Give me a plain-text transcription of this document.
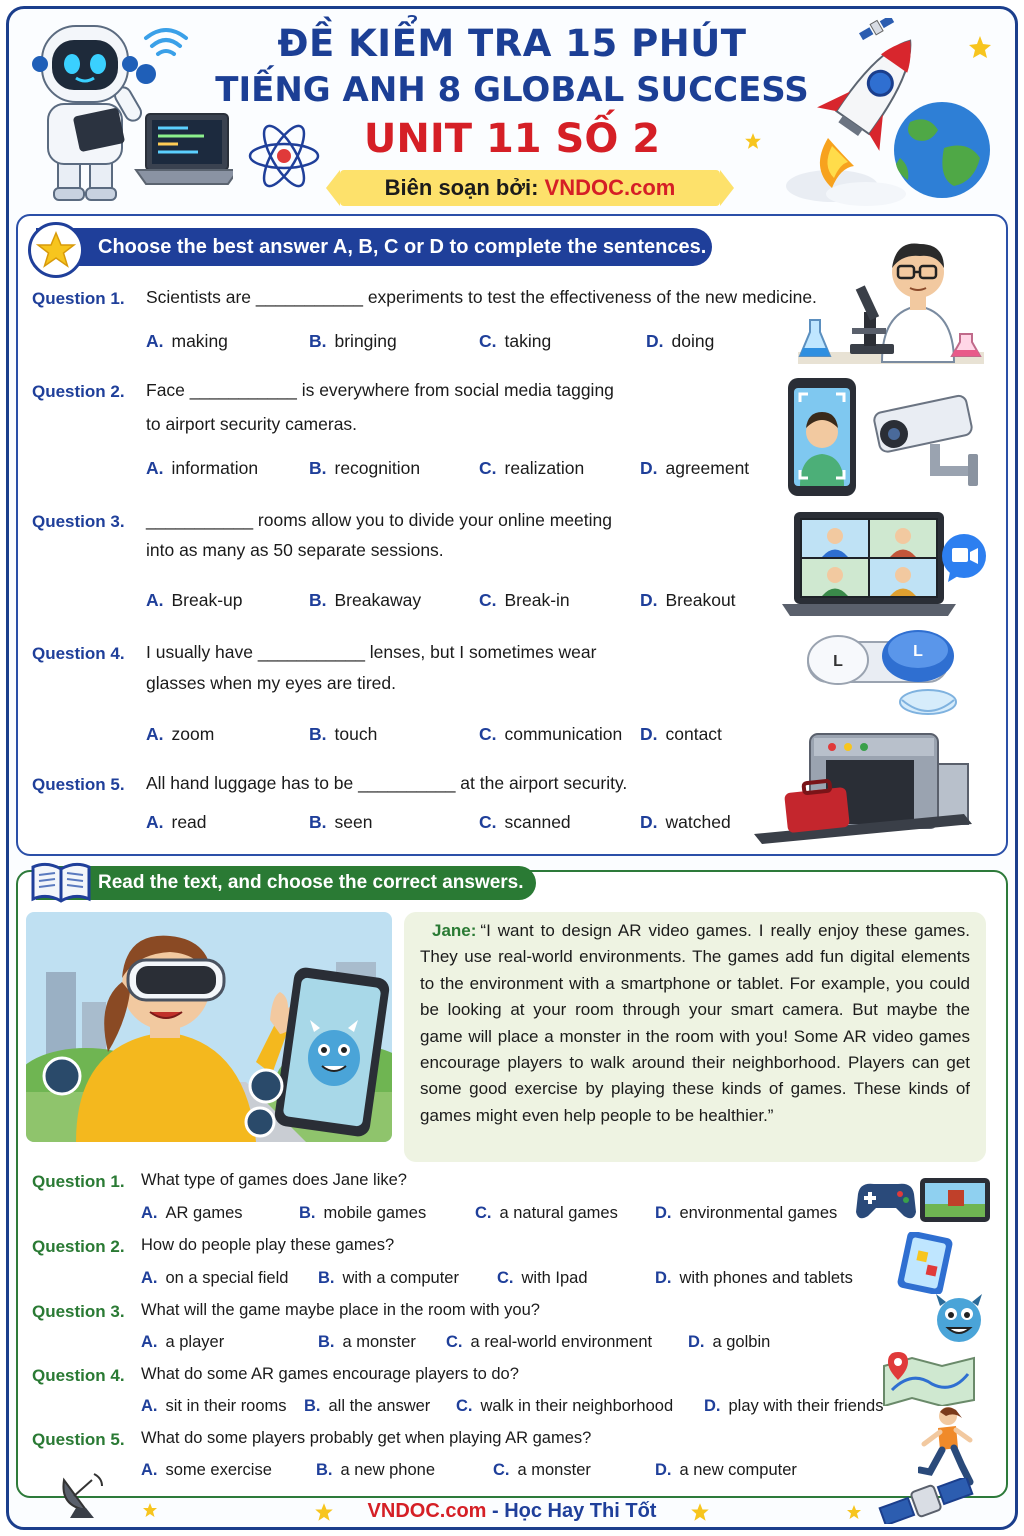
ĐỀ KIỂM TRA 15 PHÚT
TIẾNG ANH 8 GLOBAL SUCCESS
UNIT 11 SỐ 2
Biên soạn bởi: VNDOC.com
Choose the best answer A, B, C or D to complete the sentences.
Question 1. Scientists are ___________ experiments to test the effectiveness of the new medicine.
A. making	B. bringing	C. taking	D. doing
Question 2. Face ___________ is everywhere from social media tagging
to airport security cameras.
A. information	B. recognition	C. realization	D. agreement
Question 3. ___________ rooms allow you to divide your online meeting
into as many as 50 separate sessions.
A. Break-up	B. Breakaway	C. Break-in	D. Breakout
Question 4. I usually have ___________ lenses, but I sometimes wear
glasses when my eyes are tired.
A. zoom	B. touch	C. communication D. contact
Question 5. All hand luggage has to be __________ at the airport security.
A. read	B. seen	C. scanned	D. watched
L
L
Read the text, and choose the correct answers.
Jane: “I want to design AR video games. I really enjoy these games. They use real-world environments. The games add fun digital elements to the environment with a smartphone or tablet. For example, you could be looking at your room through your smart camera. But maybe the game will place a monster in the room with you! Some AR video games encourage players to walk around their neighborhood. Players can get some good exercise by playing these kinds of games. These kinds of games might even help people to be healthier.”
Question 1. What type of games does Jane like?
A. AR games	B. mobile games	C. a natural games D. environmental games
Question 2. How do people play these games?
A. on a special field B. with a computer C. with Ipad	D. with phones and tablets
Question 3. What will the game maybe place in the room with you?
A. a player	B. a monster C. a real-world environment D. a golbin
Question 4. What do some AR games encourage players to do?
A. sit in their rooms B. all the answer C. walk in their neighborhood D. play with their friends
Question 5. What do some players probably get when playing AR games?
A. some exercise	B. a new phone	C. a monster	D. a new computer
VNDOC.com - Học Hay Thi Tốt
